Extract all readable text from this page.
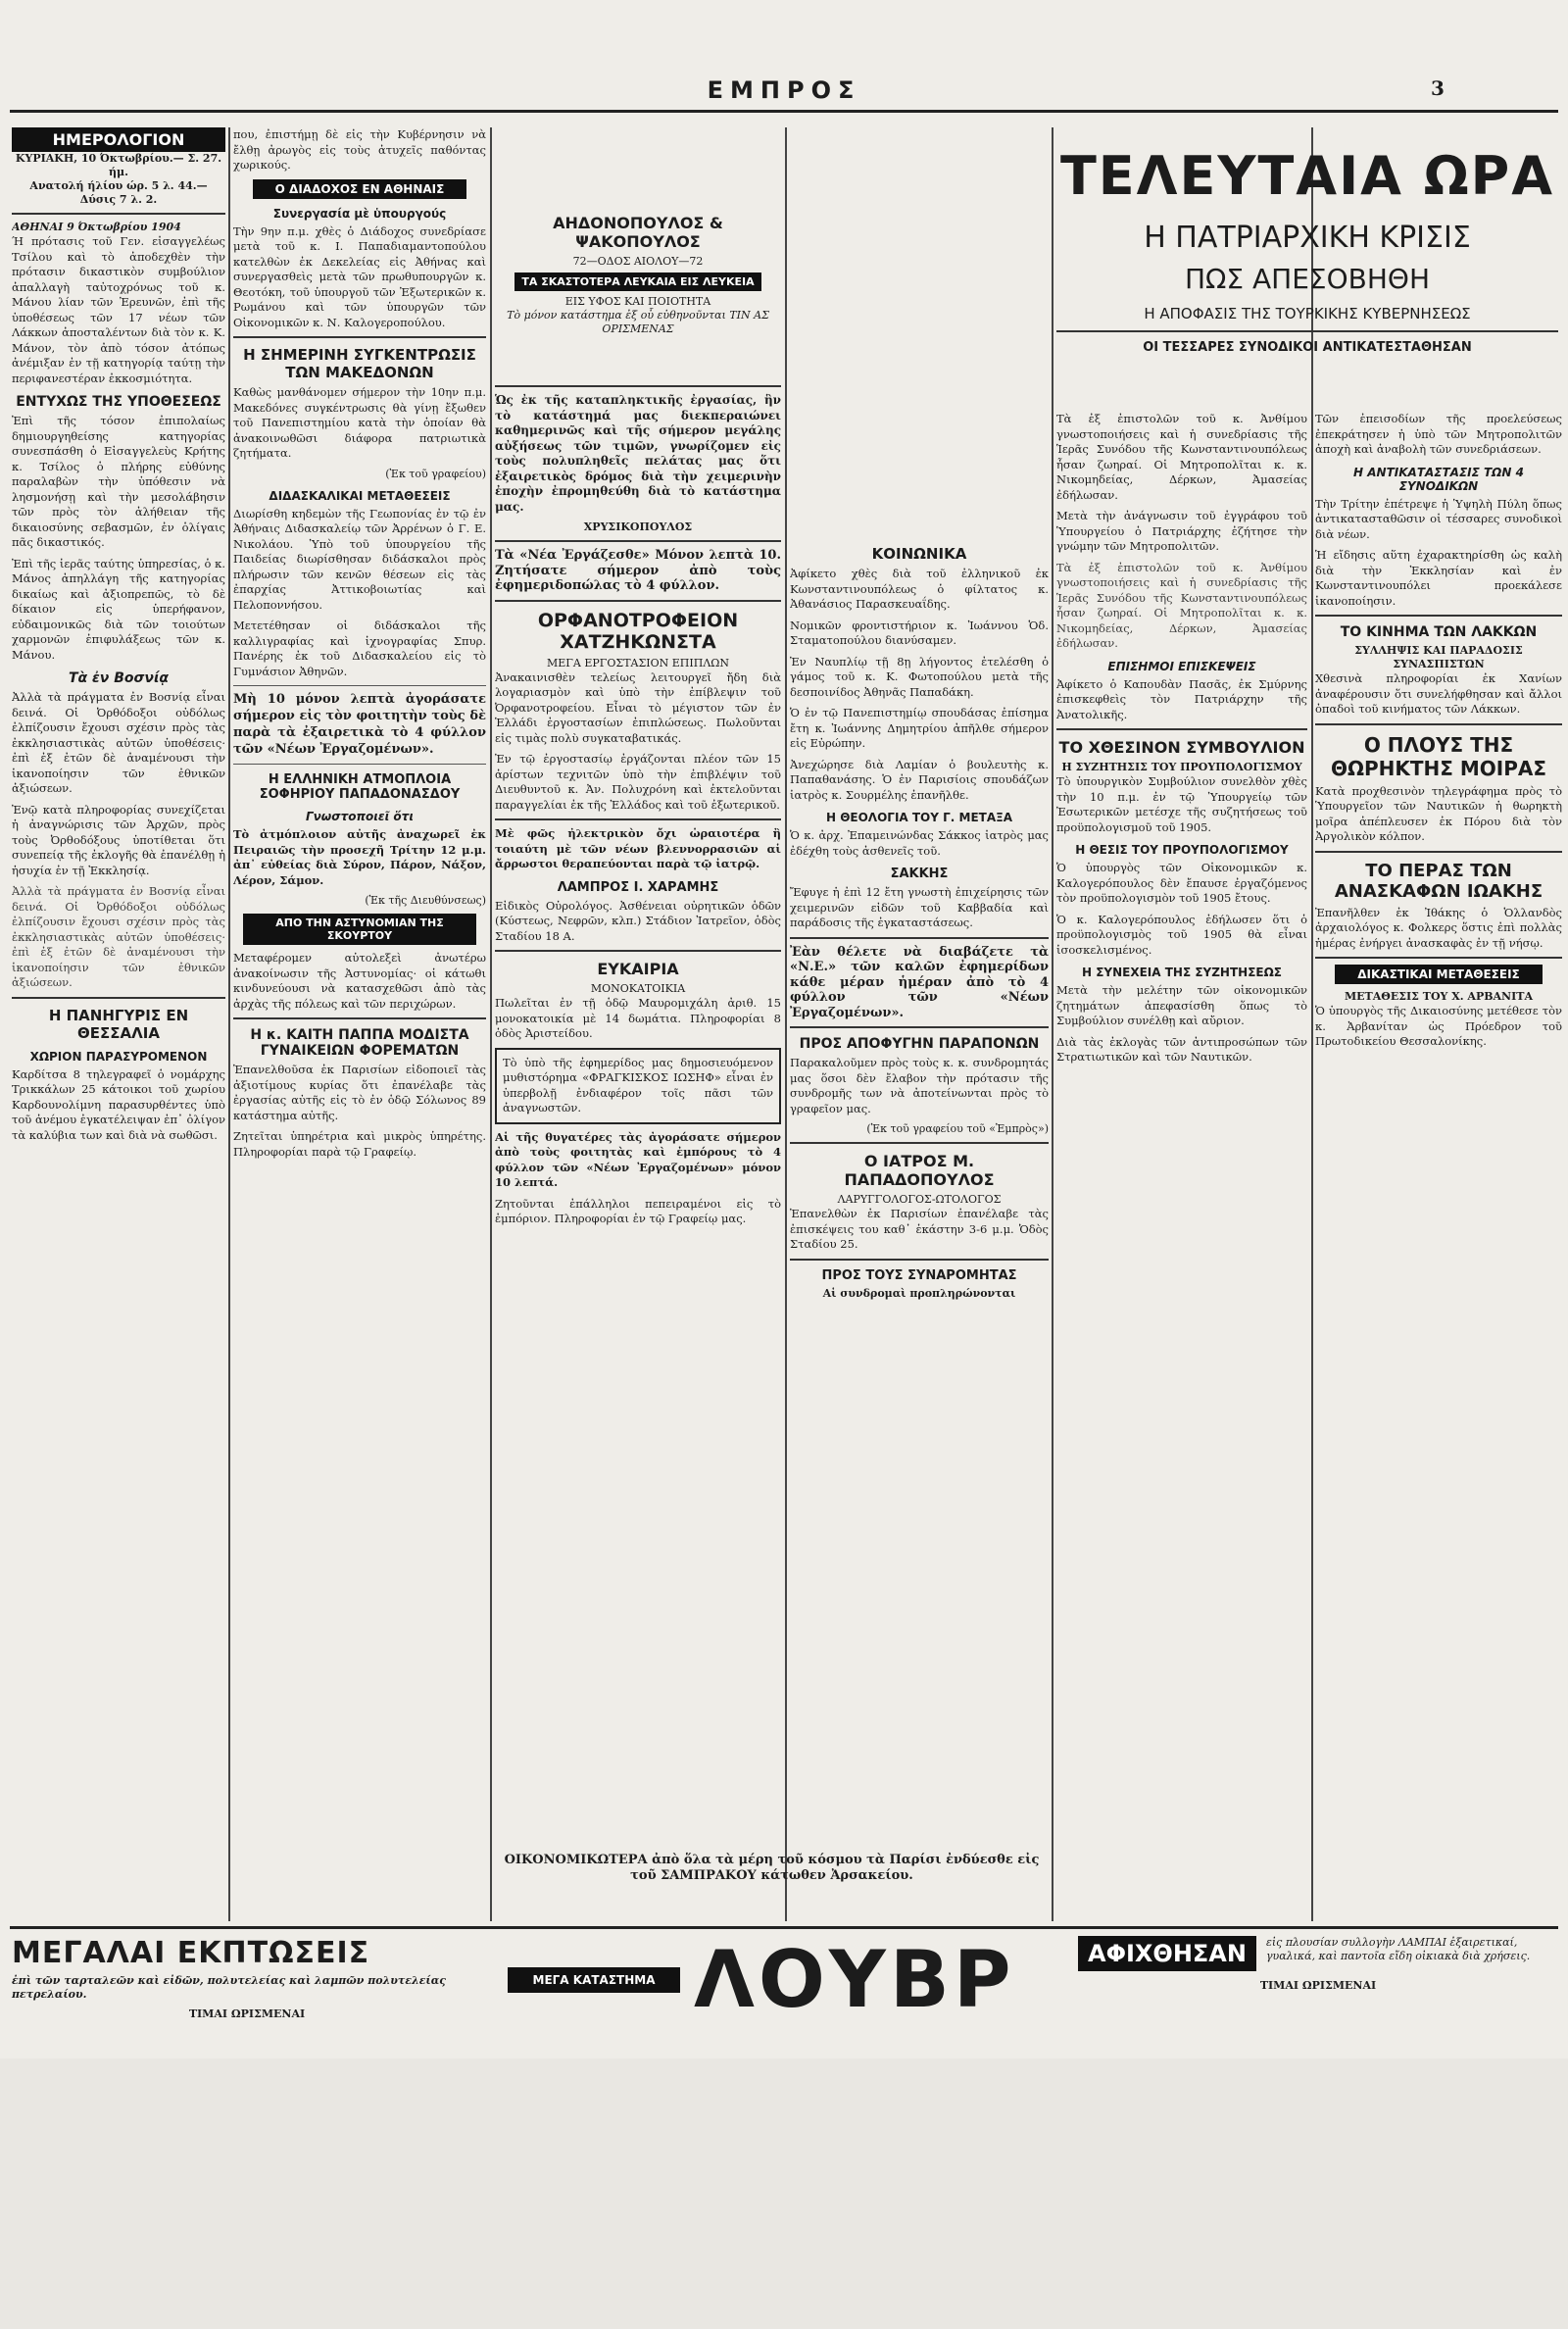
ΕΜΠΡΟΣ	3
ΗΜΕΡΟΛΟΓΙΟΝ
ΚΥΡΙΑΚΗ, 10 Όκτωβρίου.— Σ. 27. ήμ.
Ανατολή ήλίου ώρ. 5 λ. 44.— Δύσις 7 λ. 2.
ΑΘΗΝΑΙ 9 Όκτωβρίου 1904

Ή πρότασις τοῦ Γεν. εἰσαγγελέως Τσίλου καὶ τὸ ἀποδεχθὲν τὴν πρότασιν δικαστικὸν συμβούλιον ἀπαλλαγὴ ταὐτοχρόνως τοῦ κ. Μάνου λίαν τῶν Ἐρευνῶν, ἐπὶ τῆς ὑποθέσεως τῶν 17 νέων τῶν Λάκκων ἀποσταλέντων διὰ τὸν κ. Κ. Μάνον, τὸν ἀπὸ τόσον ἀτόπως ἀνέμιξαν ἐν τῇ κατηγορίᾳ ταύτῃ τὴν περιφανεστέραν ἐκκοσμιότητα.

ΕΝΤΥΧΩΣ ΤΗΣ ΥΠΟΘΕΣΕΩΣ

Ἐπὶ τῆς τόσον ἐπιπολαίως δημιουργηθείσης κατηγορίας συνεσπάσθη ὁ Εἰσαγγελεὺς Κρήτης κ. Τσίλος ὁ πλήρης εὐθύνης παραλαβὼν τὴν ὑπόθεσιν νὰ λησμονήσῃ καὶ τὴν μεσολάβησιν τῶν πρὸς τὸν ἀλήθειαν τῆς δικαιοσύνης σεβασμῶν, ἐν ὁλίγαις πᾶς δικαστικός.

Ἐπὶ τῆς ἱερᾶς ταύτης ὑπηρεσίας, ὁ κ. Μάνος ἀπηλλάγη τῆς κατηγορίας δικαίως καὶ ἀξιοπρεπῶς, τὸ δὲ δίκαιον εἰς ὑπερήφανον, εὐδαιμονικῶς διὰ τῶν τοιούτων χαρμονῶν ἐπιφυλάξεως τῶν κ. Μάνου.

Τὰ ἐν Βοσνίᾳ

Ἀλλὰ τὰ πράγματα ἐν Βοσνίᾳ εἶναι δεινά. Οἱ Ὀρθόδοξοι οὐδόλως ἐλπίζουσιν ἔχουσι σχέσιν πρὸς τὰς ἐκκλησιαστικὰς αὐτῶν ὑποθέσεις· ἐπὶ ἐξ ἐτῶν δὲ ἀναμένουσι τὴν ἱκανοποίησιν τῶν ἐθνικῶν ἀξιώσεων.

Ἐνῷ κατὰ πληροφορίας συνεχίζεται ἡ ἀναγνώρισις τῶν Ἀρχῶν, πρὸς τοὺς Ὀρθοδόξους ὑποτίθεται ὅτι συνεπείᾳ τῆς ἐκλογῆς θὰ ἐπανέλθῃ ἡ ἡσυχία ἐν τῇ Ἐκκλησίᾳ.

Ἀλλὰ τὰ πράγματα ἐν Βοσνίᾳ εἶναι δεινά. Οἱ Ὀρθόδοξοι οὐδόλως ἐλπίζουσιν ἔχουσι σχέσιν πρὸς τὰς ἐκκλησιαστικὰς αὐτῶν ὑποθέσεις· ἐπὶ ἐξ ἐτῶν δὲ ἀναμένουσι τὴν ἱκανοποίησιν τῶν ἐθνικῶν ἀξιώσεων.

Η ΠΑΝΗΓΥΡΙΣ ΕΝ ΘΕΣΣΑΛΙΑ
ΧΩΡΙΟΝ ΠΑΡΑΣΥΡΟΜΕΝΟΝ

Καρδίτσα 8 τηλεγραφεῖ ὁ νομάρχης Τρικκάλων 25 κάτοικοι τοῦ χωρίου Καρδουνολίμνη παρασυρθέντες ὑπὸ τοῦ ἀνέμου ἐγκατέλειψαν ἐπ᾽ ὀλίγον τὰ καλύβια των καὶ διὰ νὰ σωθῶσι.

που, ἐπιστήμῃ δὲ εἰς τὴν Κυβέρνησιν νὰ ἔλθῃ ἀρωγὸς εἰς τοὺς ἀτυχεῖς παθόντας χωρικούς.

Ο ΔΙΑΔΟΧΟΣ ΕΝ ΑΘΗΝΑΙΣ
Συνεργασία μὲ ὑπουργούς

Τὴν 9ην π.μ. χθὲς ὁ Διάδοχος συνεδρίασε μετὰ τοῦ κ. Ι. Παπαδιαμαντοπούλου κατελθὼν ἐκ Δεκελείας εἰς Ἀθήνας καὶ συνεργασθεὶς μετὰ τῶν πρωθυπουργῶν κ. Θεοτόκη, τοῦ ὑπουργοῦ τῶν Ἐξωτερικῶν κ. Ρωμάνου καὶ τῶν ὑπουργῶν τῶν Οἰκονομικῶν κ. Ν. Καλογεροπούλου.

Η ΣΗΜΕΡΙΝΗ ΣΥΓΚΕΝΤΡΩΣΙΣ ΤΩΝ ΜΑΚΕΔΟΝΩΝ

Καθὼς μανθάνομεν σήμερον τὴν 10ην π.μ. Μακεδόνες συγκέντρωσις θὰ γίνῃ ἔξωθεν τοῦ Πανεπιστημίου κατὰ τὴν ὁποίαν θὰ ἀνακοινωθῶσι διάφορα πατριωτικὰ ζητήματα.

(Ἐκ τοῦ γραφείου)
ΔΙΔΑΣΚΑΛΙΚΑΙ ΜΕΤΑΘΕΣΕΙΣ

Διωρίσθη κηδεμὼν τῆς Γεωπονίας ἐν τῷ ἐν Ἀθήναις Διδασκαλείῳ τῶν Ἀρρένων ὁ Γ. Ε. Νικολάου. Ὑπὸ τοῦ ὑπουργείου τῆς Παιδείας διωρίσθησαν διδάσκαλοι πρὸς πλήρωσιν τῶν κενῶν θέσεων εἰς τὰς ἐπαρχίας Ἀττικοβοιωτίας καὶ Πελοποννήσου.

Μετετέθησαν οἱ διδάσκαλοι τῆς καλλιγραφίας καὶ ἰχνογραφίας Σπυρ. Πανέρης ἐκ τοῦ Διδασκαλείου εἰς τὸ Γυμνάσιον Ἀθηνῶν.

Μὴ 10 μόνον λεπτὰ ἀγοράσατε σήμερον εἰς τὸν φοιτητὴν τοὺς δὲ παρὰ τὰ ἐξαιρετικὰ τὸ 4 φύλλον τῶν «Νέων Ἐργαζομένων».

Η ΕΛΛΗΝΙΚΗ ΑΤΜΟΠΛΟΙΑ ΣΟΦΗΡΙΟΥ ΠΑΠΑΔΟΝΑΣΔΟΥ
Γνωστοποιεῖ ὅτι

Τὸ ἀτμόπλοιον αὐτῆς ἀναχωρεῖ ἐκ Πειραιῶς τὴν προσεχῆ Τρίτην 12 μ.μ. ἀπ᾽ εὐθείας διὰ Σύρον, Πάρον, Νάξον, Λέρον, Σάμον.

(Ἐκ τῆς Διευθύνσεως)
ΑΠΟ ΤΗΝ ΑΣΤΥΝΟΜΙΑΝ ΤΗΣ ΣΚΟΥΡΤΟΥ

Μεταφέρομεν αὐτολεξεὶ ἀνωτέρω ἀνακοίνωσιν τῆς Ἀστυνομίας· οἱ κάτωθι κινδυνεύουσι νὰ κατασχεθῶσι ἀπὸ τὰς ἀρχὰς τῆς πόλεως καὶ τῶν περιχώρων.

Η κ. ΚΑΙΤΗ ΠΑΠΠΑ ΜΟΔΙΣΤΑ ΓΥΝΑΙΚΕΙΩΝ ΦΟΡΕΜΑΤΩΝ

Ἐπανελθοῦσα ἐκ Παρισίων εἰδοποιεῖ τὰς ἀξιοτίμους κυρίας ὅτι ἐπανέλαβε τὰς ἐργασίας αὐτῆς εἰς τὸ ἐν ὁδῷ Σόλωνος 89 κατάστημα αὐτῆς.

Ζητεῖται ὑπηρέτρια καὶ μικρὸς ὑπηρέτης. Πληροφορίαι παρὰ τῷ Γραφείῳ.

ΑΗΔΟΝΟΠΟΥΛΟΣ & ΨΑΚΟΠΟΥΛΟΣ
72—ΟΔΟΣ ΑΙΟΛΟΥ—72
ΤΑ ΣΚΑΣΤΟΤΕΡΑ ΛΕΥΚΑΙΑ ΕΙΣ ΛΕΥΚΕΙΑ
ΕΙΣ ΥΦΟΣ ΚΑΙ ΠΟΙΟΤΗΤΑ
Τὸ μόνον κατάστημα ἐξ οὗ εὐθηνοῦνται ΤΙΝ ΑΣ ΟΡΙΣΜΕΝΑΣ

Ὡς ἐκ τῆς καταπληκτικῆς ἐργασίας, ἣν τὸ κατάστημά μας διεκπεραιώνει καθημερινῶς καὶ τῆς σήμερον μεγάλης αὐξήσεως τῶν τιμῶν, γνωρίζομεν εἰς τοὺς πολυπληθεῖς πελάτας μας ὅτι ἐξαιρετικὸς δρόμος διὰ τὴν χειμερινὴν ἐποχὴν ἐπρομηθεύθη διὰ τὸ κατάστημα μας.

ΧΡΥΣΙΚΟΠΟΥΛΟΣ

Τὰ «Νέα Ἐργάζεσθε» Μόνον λεπτὰ 10. Ζητήσατε σήμερον ἀπὸ τοὺς ἐφημεριδοπώλας τὸ 4 φύλλον.

ΟΡΦΑΝΟΤΡΟΦΕΙΟΝ ΧΑΤΖΗΚΩΝΣΤΑ
ΜΕΓΑ ΕΡΓΟΣΤΑΣΙΟΝ ΕΠΙΠΛΩΝ

Ἀνακαινισθὲν τελείως λειτουργεῖ ἤδη διὰ λογαριασμὸν καὶ ὑπὸ τὴν ἐπίβλεψιν τοῦ Ὀρφανοτροφείου. Εἶναι τὸ μέγιστον τῶν ἐν Ἑλλάδι ἐργοστασίων ἐπιπλώσεως. Πωλοῦνται εἰς τιμὰς πολὺ συγκαταβατικάς.

Ἐν τῷ ἐργοστασίῳ ἐργάζονται πλέον τῶν 15 ἀρίστων τεχνιτῶν ὑπὸ τὴν ἐπιβλέψιν τοῦ Διευθυντοῦ κ. Ἀν. Πολυχρόνη καὶ ἐκτελοῦνται παραγγελίαι ἐκ τῆς Ἑλλάδος καὶ τοῦ ἐξωτερικοῦ.

Μὲ φῶς ἠλεκτρικὸν ὄχι ὡραιοτέρα ἢ τοιαύτη μὲ τῶν νέων βλεννορρασιῶν αἱ ἄρρωστοι θεραπεύονται παρὰ τῷ ἰατρῷ.

ΛΑΜΠΡΟΣ Ι. ΧΑΡΑΜΗΣ

Εἰδικὸς Οὐρολόγος. Ἀσθένειαι οὐρητικῶν ὁδῶν (Κύστεως, Νεφρῶν, κλπ.) Στάδιον Ἰατρεῖον, ὁδὸς Σταδίου 18 Α.

ΕΥΚΑΙΡΙΑ
ΜΟΝΟΚΑΤΟΙΚΙΑ

Πωλεῖται ἐν τῇ ὁδῷ Μαυρομιχάλη ἀριθ. 15 μονοκατοικία μὲ 14 δωμάτια. Πληροφορίαι 8 ὁδὸς Ἀριστείδου.

Τὸ ὑπὸ τῆς ἐφημερίδος μας δημοσιευόμενον μυθιστόρημα «ΦΡΑΓΚΙΣΚΟΣ ΙΩΣΗΦ» εἶναι ἐν ὑπερβολῇ ἐνδιαφέρον τοῖς πᾶσι τῶν ἀναγνωστῶν.

Αἱ τῆς θυγατέρες τὰς ἀγοράσατε σήμερον ἀπὸ τοὺς φοιτητὰς καὶ ἐμπόρους τὸ 4 φύλλον τῶν «Νέων Ἐργαζομένων» μόνον 10 λεπτά.

Ζητοῦνται ἐπάλληλοι πεπειραμένοι εἰς τὸ ἐμπόριον. Πληροφορίαι ἐν τῷ Γραφείῳ μας.

ΚΟΙΝΩΝΙΚΑ

Ἀφίκετο χθὲς διὰ τοῦ ἐλληνικοῦ ἐκ Κωνσταντινουπόλεως ὁ φίλτατος κ. Ἀθανάσιος Παρασκευαΐδης.

Νομικῶν φροντιστήριον κ. Ἰωάννου Ὁδ. Σταματοπούλου διανύσαμεν.

Ἐν Ναυπλίῳ τῇ 8ῃ λήγοντος ἐτελέσθη ὁ γάμος τοῦ κ. Κ. Φωτοπούλου μετὰ τῆς δεσποινίδος Ἀθηνᾶς Παπαδάκη.

Ὁ ἐν τῷ Πανεπιστημίῳ σπουδάσας ἐπίσημα ἔτη κ. Ἰωάννης Δημητρίου ἀπῆλθε σήμερον εἰς Εὐρώπην.

Ἀνεχώρησε διὰ Λαμίαν ὁ βουλευτὴς κ. Παπαθανάσης. Ὁ ἐν Παρισίοις σπουδάζων ἰατρὸς κ. Σουρμέλης ἐπανῆλθε.

Η ΘΕΟΛΟΓΙΑ ΤΟΥ Γ. ΜΕΤΑΞΑ

Ὁ κ. ἀρχ. Ἐπαμεινώνδας Σάκκος ἰατρὸς μας ἐδέχθη τοὺς ἀσθενεῖς τοῦ.

ΣΑΚΚΗΣ

Ἔφυγε ἡ ἐπὶ 12 ἔτη γνωστὴ ἐπιχείρησις τῶν χειμερινῶν εἰδῶν τοῦ Καββαδία καὶ παράδοσις τῆς ἐγκαταστάσεως.

Ἐὰν θέλετε νὰ διαβάζετε τὰ «Ν.Ε.» τῶν καλῶν ἐφημερίδων κάθε μέραν ἡμέραν ἀπὸ τὸ 4 φύλλον τῶν «Νέων Ἐργαζομένων».

ΠΡΟΣ ΑΠΟΦΥΓΗΝ ΠΑΡΑΠΟΝΩΝ

Παρακαλοῦμεν πρὸς τοὺς κ. κ. συνδρομητάς μας ὅσοι δὲν ἔλαβον τὴν πρότασιν τῆς συνδρομῆς των νὰ ἀποτείνωνται πρὸς τὸ γραφεῖον μας.

(Ἐκ τοῦ γραφείου τοῦ «Ἐμπρὸς»)
Ο ΙΑΤΡΟΣ Μ. ΠΑΠΑΔΟΠΟΥΛΟΣ
ΛΑΡΥΓΓΟΛΟΓΟΣ-ΩΤΟΛΟΓΟΣ

Ἐπανελθὼν ἐκ Παρισίων ἐπανέλαβε τὰς ἐπισκέψεις του καθ᾽ ἑκάστην 3-6 μ.μ. Ὁδὸς Σταδίου 25.

ΠΡΟΣ ΤΟΥΣ ΣΥΝΑΡΟΜΗΤΑΣ
Αἱ συνδρομαὶ προπληρώνονται
ΤΕΛΕΥΤΑΙΑ ΩΡΑ
Η ΠΑΤΡΙΑΡΧΙΚΗ ΚΡΙΣΙΣ
ΠΩΣ ΑΠΕΣΟΒΗΘΗ
Η ΑΠΟΦΑΣΙΣ ΤΗΣ ΤΟΥΡΚΙΚΗΣ ΚΥΒΕΡΝΗΣΕΩΣ
ΟΙ ΤΕΣΣΑΡΕΣ ΣΥΝΟΔΙΚΟΙ ΑΝΤΙΚΑΤΕΣΤΑΘΗΣΑΝ

Τὰ ἐξ ἐπιστολῶν τοῦ κ. Ἀνθίμου γνωστοποιήσεις καὶ ἡ συνεδρίασις τῆς Ἱερᾶς Συνόδου τῆς Κωνσταντινουπόλεως ἦσαν ζωηραί. Οἱ Μητροπολῖται κ. κ. Νικομηδείας, Δέρκων, Ἀμασείας ἐδήλωσαν.

Μετὰ τὴν ἀνάγνωσιν τοῦ ἐγγράφου τοῦ Ὑπουργείου ὁ Πατριάρχης ἐζήτησε τὴν γνώμην τῶν Μητροπολιτῶν.

Τὰ ἐξ ἐπιστολῶν τοῦ κ. Ἀνθίμου γνωστοποιήσεις καὶ ἡ συνεδρίασις τῆς Ἱερᾶς Συνόδου τῆς Κωνσταντινουπόλεως ἦσαν ζωηραί. Οἱ Μητροπολῖται κ. κ. Νικομηδείας, Δέρκων, Ἀμασείας ἐδήλωσαν.

ΕΠΙΣΗΜΟΙ ΕΠΙΣΚΕΨΕΙΣ

Ἀφίκετο ὁ Καπουδὰν Πασᾶς, ἐκ Σμύρνης ἐπισκεφθεὶς τὸν Πατριάρχην τῆς Ἀνατολικῆς.

ΤΟ ΧΘΕΣΙΝΟΝ ΣΥΜΒΟΥΛΙΟΝ
Η ΣΥΖΗΤΗΣΙΣ ΤΟΥ ΠΡΟΥΠΟΛΟΓΙΣΜΟΥ

Τὸ ὑπουργικὸν Συμβούλιον συνελθὸν χθὲς τὴν 10 π.μ. ἐν τῷ Ὑπουργείῳ τῶν Ἐσωτερικῶν μετέσχε τῆς συζητήσεως τοῦ προϋπολογισμοῦ τοῦ 1905.

Η ΘΕΣΙΣ ΤΟΥ ΠΡΟΥΠΟΛΟΓΙΣΜΟΥ

Ὁ ὑπουργὸς τῶν Οἰκονομικῶν κ. Καλογερόπουλος δὲν ἔπαυσε ἐργαζόμενος τὸν προϋπολογισμὸν τοῦ 1905 ἔτους.

Ὁ κ. Καλογερόπουλος ἐδήλωσεν ὅτι ὁ προϋπολογισμὸς τοῦ 1905 θὰ εἶναι ἰσοσκελισμένος.

Η ΣΥΝΕΧΕΙΑ ΤΗΣ ΣΥΖΗΤΗΣΕΩΣ

Μετὰ τὴν μελέτην τῶν οἰκονομικῶν ζητημάτων ἀπεφασίσθη ὅπως τὸ Συμβούλιον συνέλθῃ καὶ αὔριον.

Διὰ τὰς ἐκλογὰς τῶν ἀντιπροσώπων τῶν Στρατιωτικῶν καὶ τῶν Ναυτικῶν.

Τῶν ἐπεισοδίων τῆς προελεύσεως ἐπεκράτησεν ἡ ὑπὸ τῶν Μητροπολιτῶν ἀποχὴ καὶ ἀναβολὴ τῶν συνεδριάσεων.

Η ΑΝΤΙΚΑΤΑΣΤΑΣΙΣ ΤΩΝ 4 ΣΥΝΟΔΙΚΩΝ

Τὴν Τρίτην ἐπέτρεψε ἡ Ὑψηλὴ Πύλη ὅπως ἀντικατασταθῶσιν οἱ τέσσαρες συνοδικοὶ διὰ νέων.

Ἡ εἴδησις αὕτη ἐχαρακτηρίσθη ὡς καλὴ διὰ τὴν Ἐκκλησίαν καὶ ἐν Κωνσταντινουπόλει προεκάλεσε ἱκανοποίησιν.

ΤΟ ΚΙΝΗΜΑ ΤΩΝ ΛΑΚΚΩΝ
ΣΥΛΛΗΨΙΣ ΚΑΙ ΠΑΡΑΔΟΣΙΣ ΣΥΝΑΣΠΙΣΤΩΝ

Χθεσινὰ πληροφορίαι ἐκ Χανίων ἀναφέρουσιν ὅτι συνελήφθησαν καὶ ἄλλοι ὀπαδοὶ τοῦ κινήματος τῶν Λάκκων.

Ο ΠΛΟΥΣ ΤΗΣ ΘΩΡΗΚΤΗΣ ΜΟΙΡΑΣ

Κατὰ προχθεσινὸν τηλεγράφημα πρὸς τὸ Ὑπουργεῖον τῶν Ναυτικῶν ἡ θωρηκτὴ μοῖρα ἀπέπλευσεν ἐκ Πόρου διὰ τὸν Ἀργολικὸν κόλπον.

ΤΟ ΠΕΡΑΣ ΤΩΝ ΑΝΑΣΚΑΦΩΝ ΙΩΑΚΗΣ

Ἐπανῆλθεν ἐκ Ἰθάκης ὁ Ὁλλανδὸς ἀρχαιολόγος κ. Φολκερς ὅστις ἐπὶ πολλὰς ἡμέρας ἐνήργει ἀνασκαφὰς ἐν τῇ νήσῳ.

ΔΙΚΑΣΤΙΚΑΙ ΜΕΤΑΘΕΣΕΙΣ
ΜΕΤΑΘΕΣΙΣ ΤΟΥ Χ. ΑΡΒΑΝΙΤΑ

Ὁ ὑπουργὸς τῆς Δικαιοσύνης μετέθεσε τὸν κ. Ἀρβανίταν ὡς Πρόεδρον τοῦ Πρωτοδικείου Θεσσαλονίκης.

ΟΙΚΟΝΟΜΙΚΩΤΕΡΑ ἀπὸ ὅλα τὰ μέρη τοῦ κόσμου τὰ Παρίσι ἐνδύεσθε εἰς τοῦ ΣΑΜΠΡΑΚΟΥ κάτωθεν Ἀρσακείου.

ΜΕΓΑΛΑΙ ΕΚΠΤΩΣΕΙΣ
ἐπὶ τῶν ταρταλεῶν καὶ εἰδῶν, πολυτελείας καὶ λαμπῶν πολυτελείας πετρελαίου.
ΤΙΜΑΙ ΩΡΙΣΜΕΝΑΙ
ΜΕΓΑ ΚΑΤΑΣΤΗΜΑ ΛΟΥΒΡ	ΑΦΙΧΘΗΣΑΝ	εἰς πλουσίαν συλλογὴν ΛΑΜΠΑΙ ἐξαιρετικαί, γυαλικά, καὶ παντοῖα εἴδη οἰκιακὰ διὰ χρήσεις.
ΤΙΜΑΙ ΩΡΙΣΜΕΝΑΙ
